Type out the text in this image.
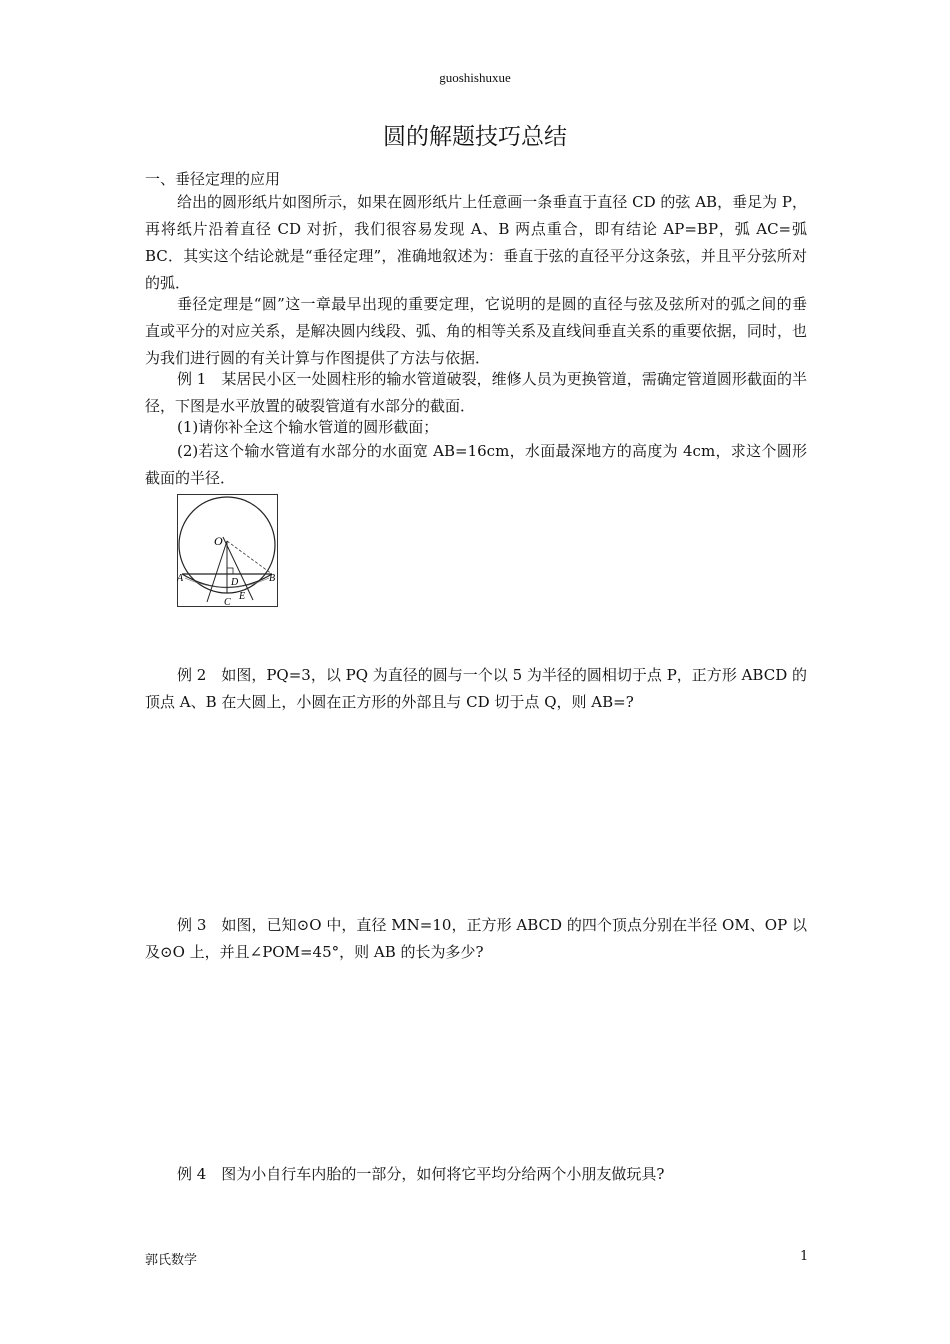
guoshishuxue
圆的解题技巧总结
一、垂径定理的应用

给出的圆形纸片如图所示，如果在圆形纸片上任意画一条垂直于直径 CD 的弦 AB，垂足为 P，再将纸片沿着直径 CD 对折，我们很容易发现 A、B 两点重合，即有结论 AP=BP，弧 AC=弧 BC．其实这个结论就是“垂径定理”，准确地叙述为：垂直于弦的直径平分这条弦，并且平分弦所对的弧．

垂径定理是“圆”这一章最早出现的重要定理，它说明的是圆的直径与弦及弦所对的弧之间的垂直或平分的对应关系，是解决圆内线段、弧、角的相等关系及直线间垂直关系的重要依据，同时，也为我们进行圆的有关计算与作图提供了方法与依据．

例 1　某居民小区一处圆柱形的输水管道破裂，维修人员为更换管道，需确定管道圆形截面的半径，下图是水平放置的破裂管道有水部分的截面．

(1)请你补全这个输水管道的圆形截面；

(2)若这个输水管道有水部分的水面宽 AB=16cm，水面最深地方的高度为 4cm，求这个圆形截面的半径．

O
A	B
D
E
C

例 2　如图，PQ=3，以 PQ 为直径的圆与一个以 5 为半径的圆相切于点 P，正方形 ABCD 的顶点 A、B 在大圆上，小圆在正方形的外部且与 CD 切于点 Q，则 AB=?

例 3　如图，已知⊙O 中，直径 MN=10，正方形 ABCD 的四个顶点分别在半径 OM、OP 以及⊙O 上，并且∠POM=45°，则 AB 的长为多少?

例 4　图为小自行车内胎的一部分，如何将它平均分给两个小朋友做玩具?

郭氏数学	1
